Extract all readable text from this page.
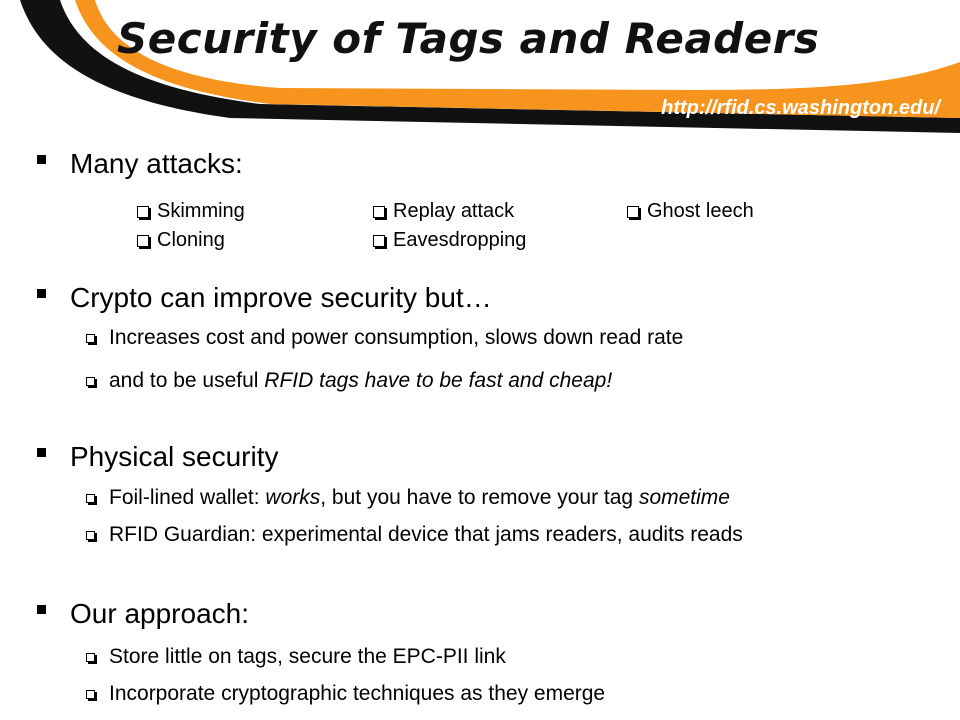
Security of Tags and Readers
http://rfid.cs.washington.edu/
Many attacks:
Skimming	Replay attack	Ghost leech
Cloning	Eavesdropping
Crypto can improve security but…
Increases cost and power consumption, slows down read rate
and to be useful RFID tags have to be fast and cheap!
Physical security
Foil-lined wallet: works, but you have to remove your tag sometime
RFID Guardian: experimental device that jams readers, audits reads
Our approach:
Store little on tags, secure the EPC-PII link
Incorporate cryptographic techniques as they emerge
